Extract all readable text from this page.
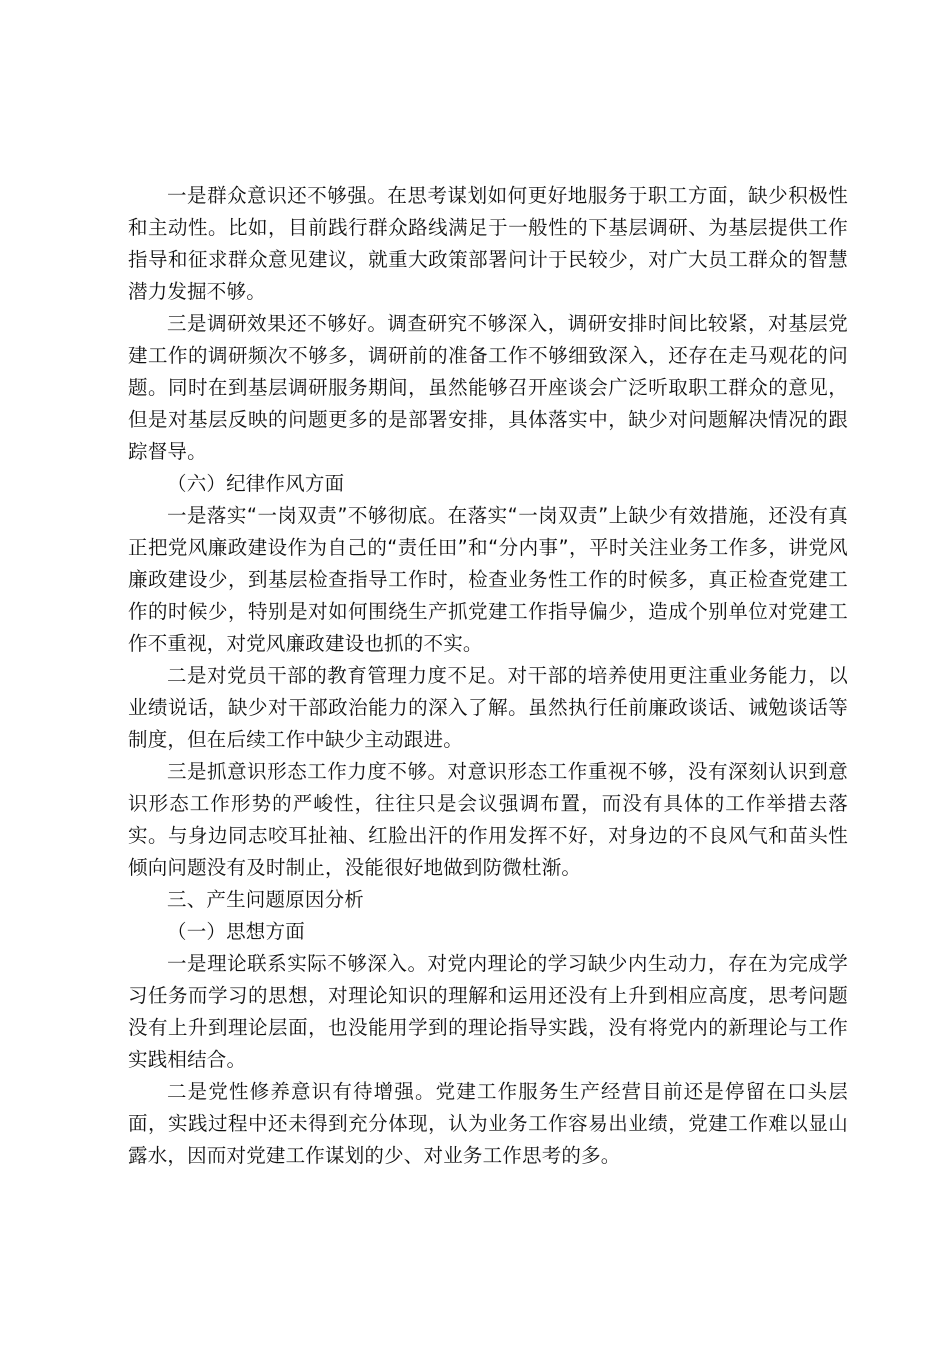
一是群众意识还不够强。在思考谋划如何更好地服务于职工方面，缺少积极性和主动性。比如，目前践行群众路线满足于一般性的下基层调研、为基层提供工作指导和征求群众意见建议，就重大政策部署问计于民较少，对广大员工群众的智慧潜力发掘不够。

三是调研效果还不够好。调查研究不够深入，调研安排时间比较紧，对基层党建工作的调研频次不够多，调研前的准备工作不够细致深入，还存在走马观花的问题。同时在到基层调研服务期间，虽然能够召开座谈会广泛听取职工群众的意见，但是对基层反映的问题更多的是部署安排，具体落实中，缺少对问题解决情况的跟踪督导。

（六）纪律作风方面

一是落实“一岗双责”不够彻底。在落实“一岗双责”上缺少有效措施，还没有真正把党风廉政建设作为自己的“责任田”和“分内事”，平时关注业务工作多，讲党风廉政建设少，到基层检查指导工作时，检查业务性工作的时候多，真正检查党建工作的时候少，特别是对如何围绕生产抓党建工作指导偏少，造成个别单位对党建工作不重视，对党风廉政建设也抓的不实。

二是对党员干部的教育管理力度不足。对干部的培养使用更注重业务能力，以业绩说话，缺少对干部政治能力的深入了解。虽然执行任前廉政谈话、诫勉谈话等制度，但在后续工作中缺少主动跟进。

三是抓意识形态工作力度不够。对意识形态工作重视不够，没有深刻认识到意识形态工作形势的严峻性，往往只是会议强调布置，而没有具体的工作举措去落实。与身边同志咬耳扯袖、红脸出汗的作用发挥不好，对身边的不良风气和苗头性倾向问题没有及时制止，没能很好地做到防微杜渐。

三、产生问题原因分析

（一）思想方面

一是理论联系实际不够深入。对党内理论的学习缺少内生动力，存在为完成学习任务而学习的思想，对理论知识的理解和运用还没有上升到相应高度，思考问题没有上升到理论层面，也没能用学到的理论指导实践，没有将党内的新理论与工作实践相结合。

二是党性修养意识有待增强。党建工作服务生产经营目前还是停留在口头层面，实践过程中还未得到充分体现，认为业务工作容易出业绩，党建工作难以显山露水，因而对党建工作谋划的少、对业务工作思考的多。
